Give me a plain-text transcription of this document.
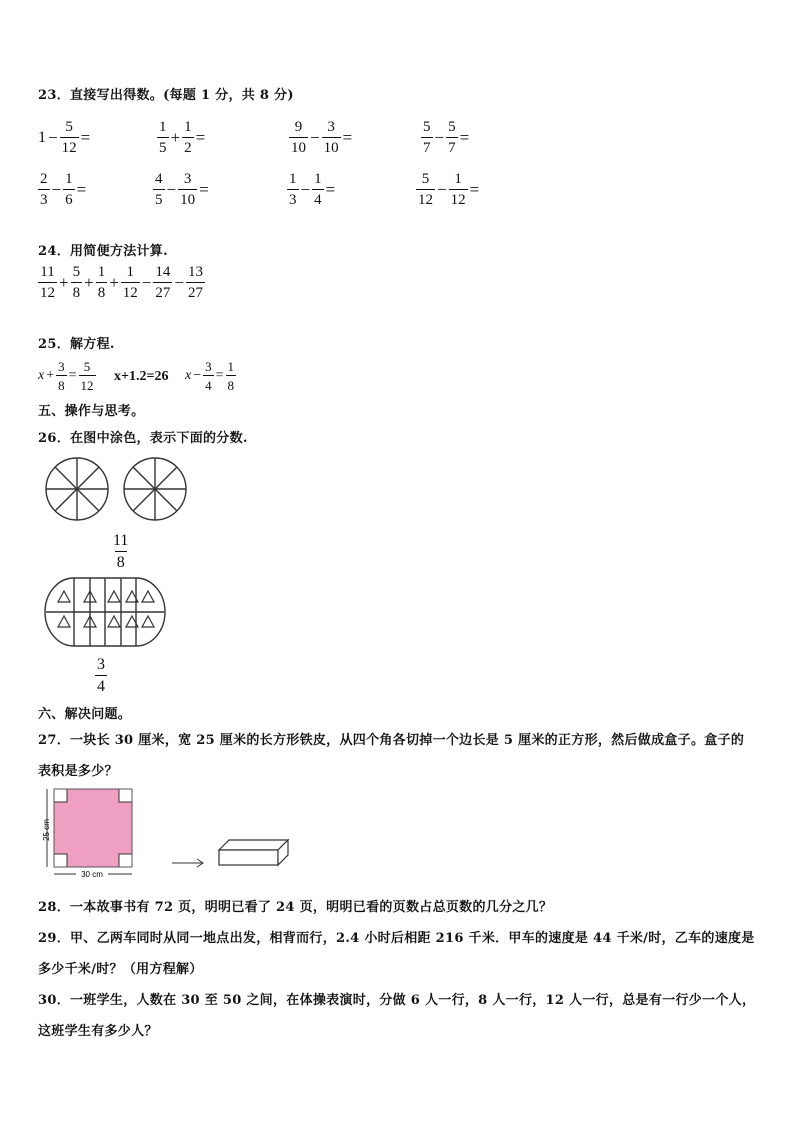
23．直接写出得数。(每题 1 分，共 8 分)
$1 - \frac{5}{12}$ =	$\frac{1}{5} + \frac{1}{2}$ =	$\frac{9}{10} - \frac{3}{10}$ =	$\frac{5}{7} - \frac{5}{7}$ =
$\frac{2}{3} - \frac{1}{6}$ =	$\frac{4}{5} - \frac{3}{10}$ =	$\frac{1}{3} - \frac{1}{4}$ =	$\frac{5}{12} - \frac{1}{12}$ =
24．用简便方法计算.
$\frac{11}{12} + \frac{5}{8} + \frac{1}{8} + \frac{1}{12} - \frac{14}{27} - \frac{13}{27}$
25．解方程.
$x + \frac{3}{8} = \frac{5}{12} x+1.2=26$ $x - \frac{3}{4} = \frac{1}{8}$
五、操作与思考。
26．在图中涂色，表示下面的分数.
$\frac{11}{8}$
$\frac{3}{4}$
六、解决问题。
27．一块长 30 厘米，宽 25 厘米的长方形铁皮，从四个角各切掉一个边长是 5 厘米的正方形，然后做成盒子。盒子的
表积是多少？
25 cm
30 cm
28．一本故事书有 72 页，明明已看了 24 页，明明已看的页数占总页数的几分之几？
29．甲、乙两车同时从同一地点出发，相背而行，2.4 小时后相距 216 千米．甲车的速度是 44 千米/时，乙车的速度是
多少千米/时？（用方程解）
30．一班学生，人数在 30 至 50 之间，在体操表演时，分做 6 人一行，8 人一行，12 人一行，总是有一行少一个人，
这班学生有多少人？
